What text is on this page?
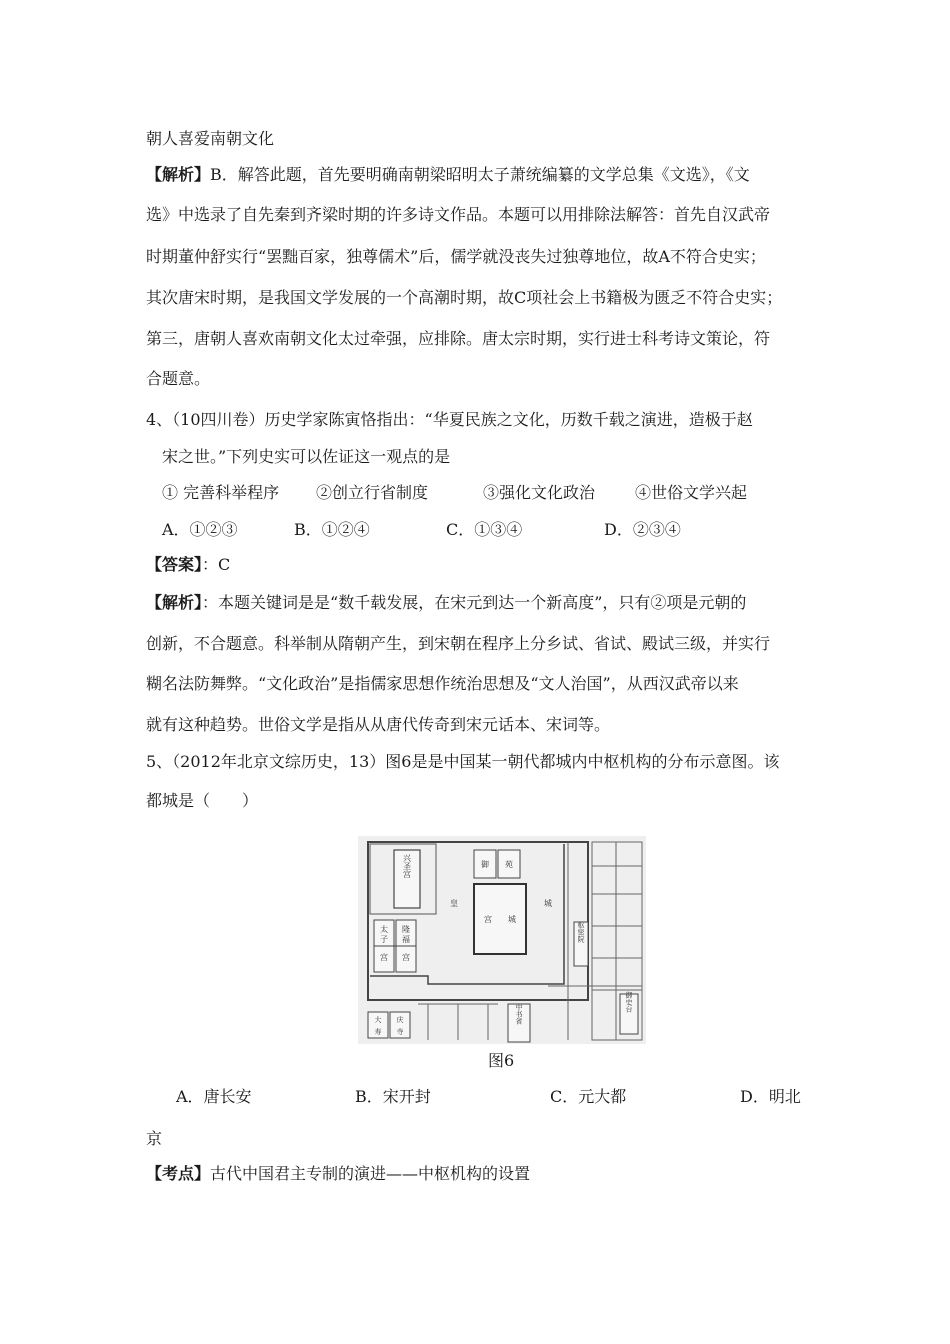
朝人喜爱南朝文化
【解析】B．解答此题，首先要明确南朝梁昭明太子萧统编纂的文学总集《文选》，《文
选》中选录了自先秦到齐梁时期的许多诗文作品。本题可以用排除法解答：首先自汉武帝
时期董仲舒实行“罢黜百家，独尊儒术”后，儒学就没丧失过独尊地位，故A不符合史实；
其次唐宋时期，是我国文学发展的一个高潮时期，故C项社会上书籍极为匮乏不符合史实；
第三，唐朝人喜欢南朝文化太过牵强，应排除。唐太宗时期，实行进士科考诗文策论，符
合题意。
4、（10四川卷）历史学家陈寅恪指出：“华夏民族之文化，历数千载之演进，造极于赵
宋之世。”下列史实可以佐证这一观点的是
① 完善科举程序 ②创立行省制度	③强化文化政治 ④世俗文学兴起
A．①②③	B．①②④	C．①③④	D．②③④
【答案】：C
【解析】：本题关键词是是“数千载发展，在宋元到达一个新高度”，只有②项是元朝的
创新，不合题意。科举制从隋朝产生，到宋朝在程序上分乡试、省试、殿试三级，并实行
糊名法防舞弊。“文化政治”是指儒家思想作统治思想及“文人治国”，从西汉武帝以来
就有这种趋势。世俗文学是指从从唐代传奇到宋元话本、宋词等。
5、（2012年北京文综历史，13）图6是是中国某一朝代都城内中枢机构的分布示意图。该
都城是（　　）
兴圣宫	御 苑
皇
宫 城
城
太
子
宫
隆
福
宫
中书省
大 庆
寿 寺
枢密院
御史台
图6
A．唐长安	B．宋开封	C．元大都	D．明北
京
【考点】古代中国君主专制的演进——中枢机构的设置
